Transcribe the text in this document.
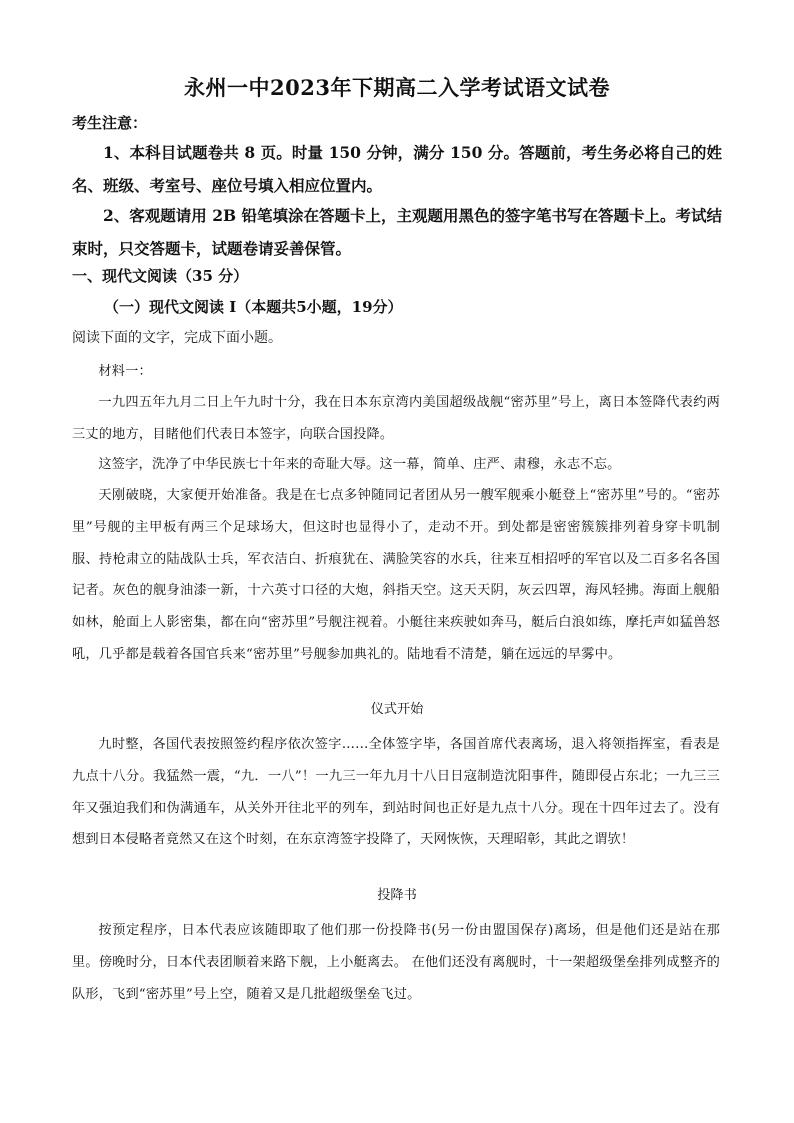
永州一中2023年下期高二入学考试语文试卷
考生注意：
1、本科目试题卷共 8 页。时量 150 分钟，满分 150 分。答题前，考生务必将自己的姓名、班级、考室号、座位号填入相应位置内。
2、客观题请用 2B 铅笔填涂在答题卡上，主观题用黑色的签字笔书写在答题卡上。考试结束时，只交答题卡，试题卷请妥善保管。
一、现代文阅读（35 分）
（一）现代文阅读 I（本题共5小题，19分）
阅读下面的文字，完成下面小题。
材料一：
一九四五年九月二日上午九时十分，我在日本东京湾内美国超级战舰“密苏里”号上，离日本签降代表约两三丈的地方，目睹他们代表日本签字，向联合国投降。
这签字，洗净了中华民族七十年来的奇耻大辱。这一幕，简单、庄严、肃穆，永志不忘。
天刚破晓，大家便开始准备。我是在七点多钟随同记者团从另一艘军舰乘小艇登上“密苏里”号的。“密苏里”号舰的主甲板有两三个足球场大，但这时也显得小了，走动不开。到处都是密密簇簇排列着身穿卡叽制服、持枪肃立的陆战队士兵，军衣洁白、折痕犹在、满脸笑容的水兵，往来互相招呼的军官以及二百多名各国记者。灰色的舰身油漆一新，十六英寸口径的大炮，斜指天空。这天天阴，灰云四罩，海风轻拂。海面上舰船如林，舱面上人影密集，都在向“密苏里”号舰注视着。小艇往来疾驶如奔马，艇后白浪如练，摩托声如猛兽怒吼，几乎都是载着各国官兵来“密苏里”号舰参加典礼的。陆地看不清楚，躺在远远的早雾中。
仪式开始
九时整，各国代表按照签约程序依次签字……全体签字毕，各国首席代表离场，退入将领指挥室，看表是九点十八分。我猛然一震，“九．一八”！一九三一年九月十八日日寇制造沈阳事件，随即侵占东北；一九三三年又强迫我们和伪满通车，从关外开往北平的列车，到站时间也正好是九点十八分。现在十四年过去了。没有想到日本侵略者竟然又在这个时刻，在东京湾签字投降了，天网恢恢，天理昭彰，其此之谓欤！
投降书
按预定程序，日本代表应该随即取了他们那一份投降书(另一份由盟国保存)离场，但是他们还是站在那里。傍晚时分，日本代表团顺着来路下舰，上小艇离去。 在他们还没有离舰时，十一架超级堡垒排列成整齐的队形，飞到“密苏里”号上空，随着又是几批超级堡垒飞过。
